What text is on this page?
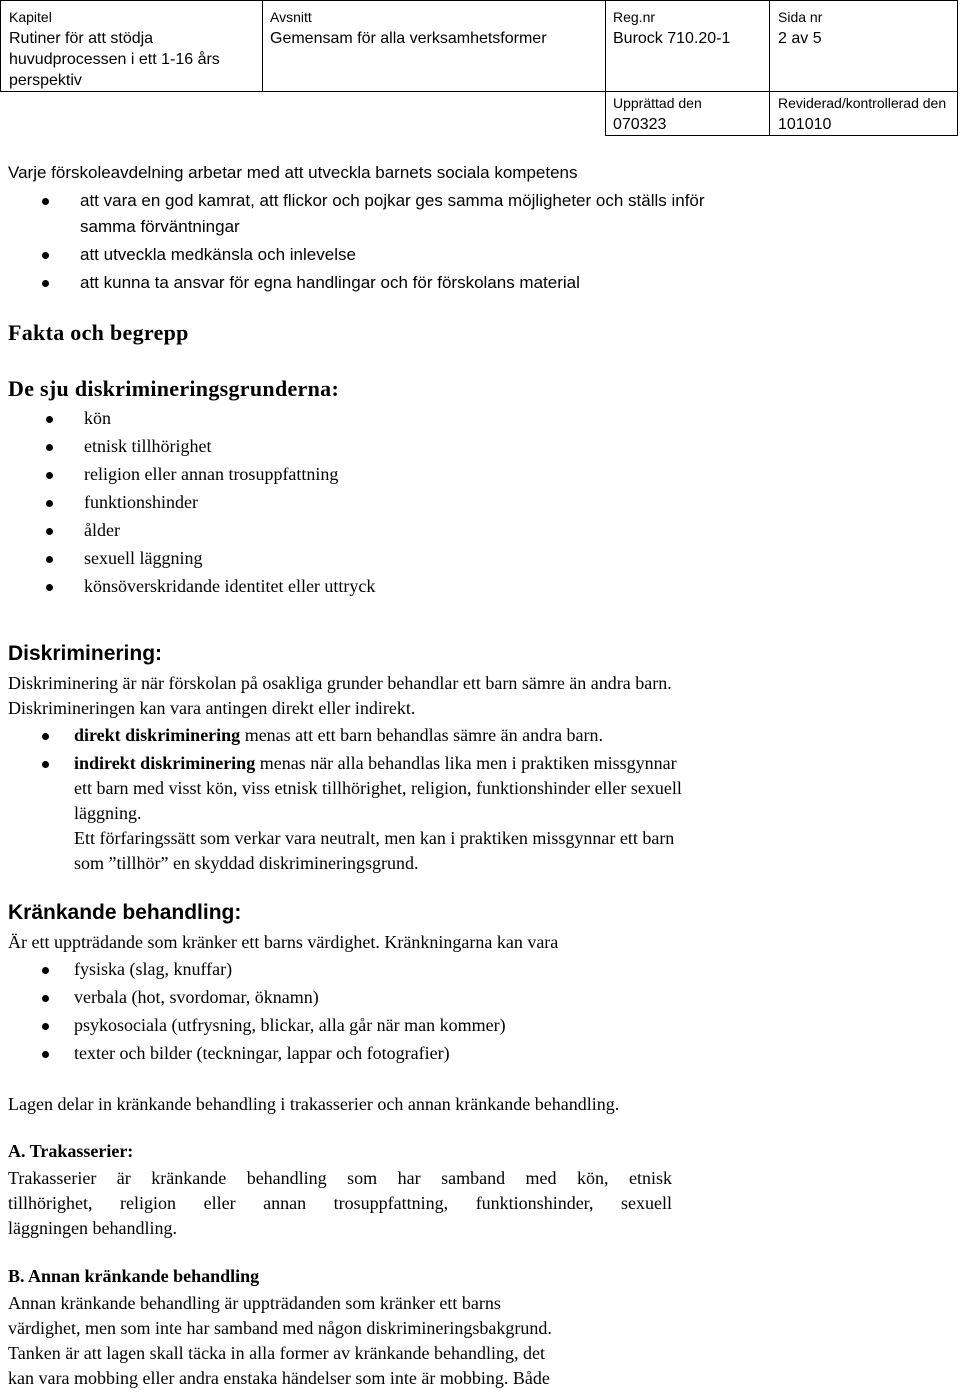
Kapitel
Rutiner för att stödja
huvudprocessen i ett 1-16 års
perspektiv
Avsnitt
Gemensam för alla verksamhetsformer
Reg.nr
Burock 710.20-1
Sida nr
2 av 5
Upprättad den
070323
Reviderad/kontrollerad den
101010
Varje förskoleavdelning arbetar med att utveckla barnets sociala kompetens
att vara en god kamrat, att flickor och pojkar ges samma möjligheter och ställs inför
samma förväntningar
att utveckla medkänsla och inlevelse
att kunna ta ansvar för egna handlingar och för förskolans material
Fakta och begrepp
De sju diskrimineringsgrunderna:
kön
etnisk tillhörighet
religion eller annan trosuppfattning
funktionshinder
ålder
sexuell läggning
könsöverskridande identitet eller uttryck
Diskriminering:
Diskriminering är när förskolan på osakliga grunder behandlar ett barn sämre än andra barn.
Diskrimineringen kan vara antingen direkt eller indirekt.
direkt diskriminering menas att ett barn behandlas sämre än andra barn.
indirekt diskriminering menas när alla behandlas lika men i praktiken missgynnar
ett barn med visst kön, viss etnisk tillhörighet, religion, funktionshinder eller sexuell
läggning.
Ett förfaringssätt som verkar vara neutralt, men kan i praktiken missgynnar ett barn
som ”tillhör” en skyddad diskrimineringsgrund.
Kränkande behandling:
Är ett uppträdande som kränker ett barns värdighet. Kränkningarna kan vara
fysiska (slag, knuffar)
verbala (hot, svordomar, öknamn)
psykosociala (utfrysning, blickar, alla går när man kommer)
texter och bilder (teckningar, lappar och fotografier)
Lagen delar in kränkande behandling i trakasserier och annan kränkande behandling.
A. Trakasserier:
Trakasserier är kränkande behandling som har samband med kön, etnisk
tillhörighet, religion eller annan trosuppfattning, funktionshinder, sexuell
läggningen behandling.
B. Annan kränkande behandling
Annan kränkande behandling är uppträdanden som kränker ett barns
värdighet, men som inte har samband med någon diskrimineringsbakgrund.
Tanken är att lagen skall täcka in alla former av kränkande behandling, det
kan vara mobbing eller andra enstaka händelser som inte är mobbing. Både
